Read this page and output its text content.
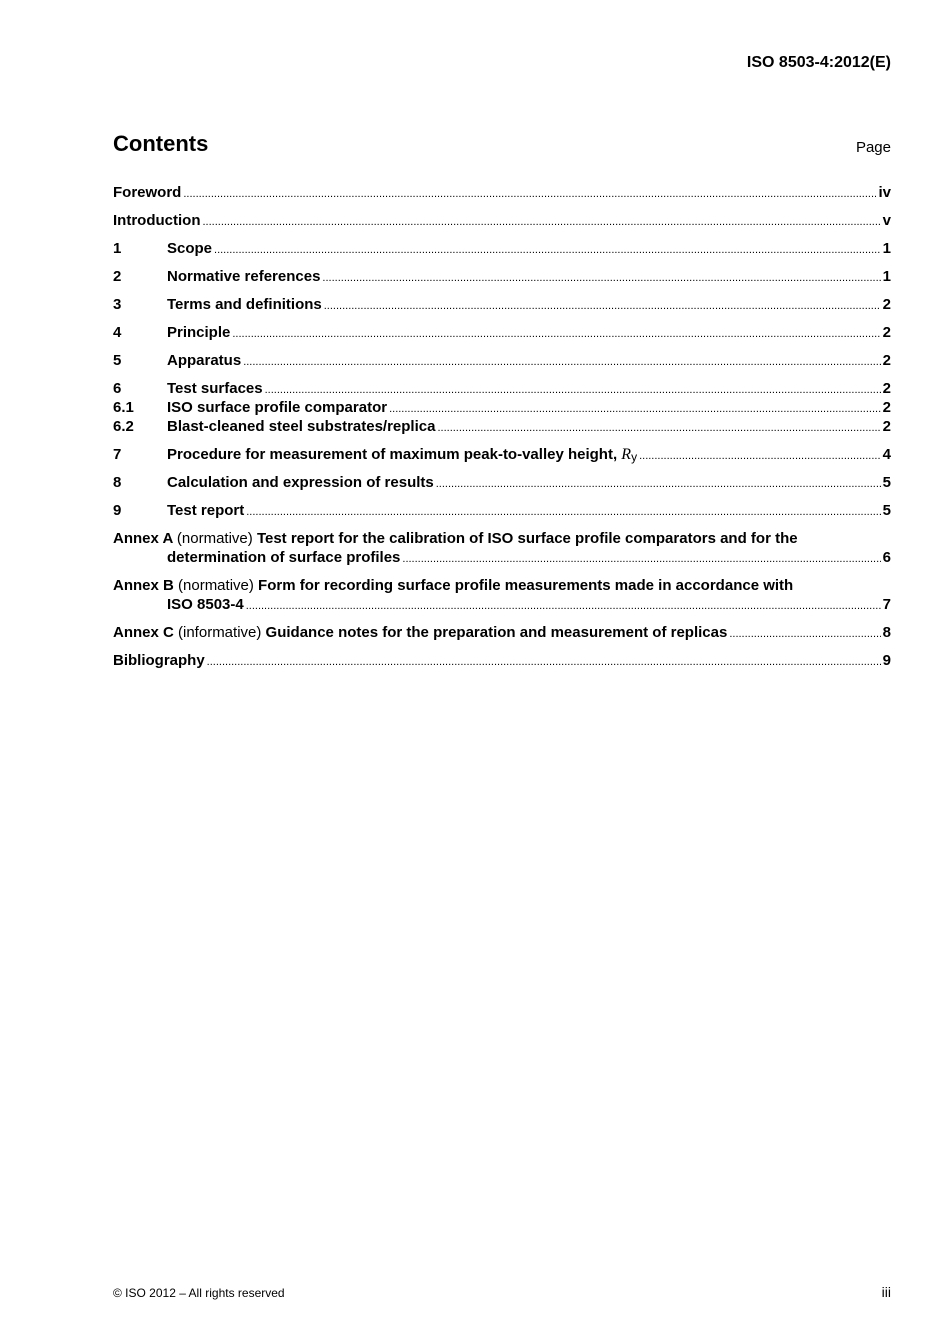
ISO 8503-4:2012(E)
Contents	Page
Foreword .....	iv
Introduction .....	v
1	Scope .....	1
2	Normative references .....	1
3	Terms and definitions .....	2
4	Principle .....	2
5	Apparatus .....	2
6	Test surfaces .....	2
6.1	ISO surface profile comparator .....	2
6.2	Blast-cleaned steel substrates/replica .....	2
7	Procedure for measurement of maximum peak-to-valley height, Ry .....	4
8	Calculation and expression of results .....	5
9	Test report .....	5
Annex A (normative) Test report for the calibration of ISO surface profile comparators and for the
determination of surface profiles .....	6
Annex B (normative) Form for recording surface profile measurements made in accordance with
ISO 8503-4 .....	7
Annex C (informative) Guidance notes for the preparation and measurement of replicas .....	8
Bibliography .....	9
© ISO 2012 – All rights reserved	iii
